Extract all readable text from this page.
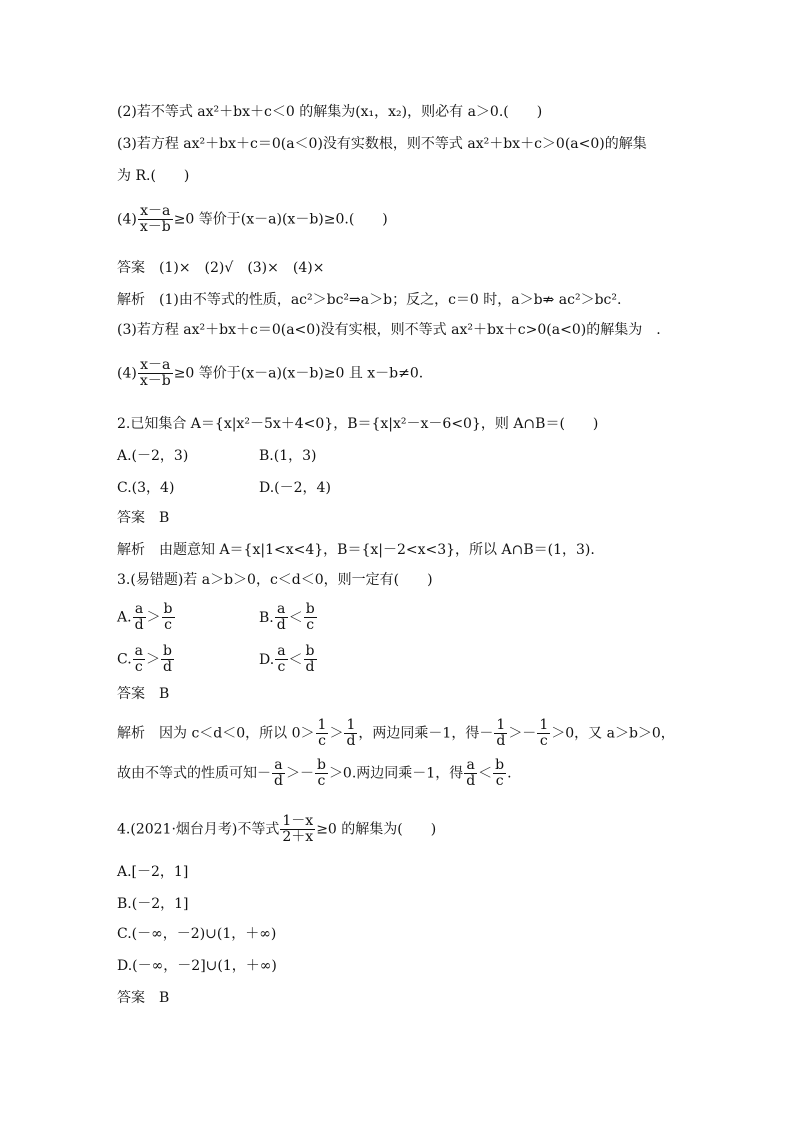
(2)若不等式 ax²＋bx＋c＜0 的解集为(x₁，x₂)，则必有 a＞0.(　　)
(3)若方程 ax²＋bx＋c＝0(a＜0)没有实数根，则不等式 ax²＋bx＋c＞0(a<0)的解集
为 R.(　　)
$(4) \frac{x-a}{x-b} \ge 0$ 等价于(x－a)(x－b)≥0.(　　)
答案 (1)×　(2)√　(3)×　(4)×
解析 (1)由不等式的性质，ac²＞bc²⇒a＞b；反之，c＝0 时，a＞b⇏ ac²＞bc².
(3)若方程 ax²＋bx＋c＝0(a<0)没有实根，则不等式 ax²＋bx＋c>0(a<0)的解集为　.
$(4) \frac{x-a}{x-b} \ge 0$ 等价于(x－a)(x－b)≥0 且 x－b≠0.
2.已知集合 A＝{x|x²－5x＋4<0}，B＝{x|x²－x－6<0}，则 A∩B＝(　　)
A.(－2，3)	B.(1，3)
C.(3，4)	D.(－2，4)
答案 B
解析 由题意知 A＝{x|1<x<4}，B＝{x|－2<x<3}，所以 A∩B＝(1，3).
3.(易错题)若 a＞b＞0，c＜d＜0，则一定有(　　)
A. $\frac{a}{d} > \frac{b}{c}$	B. $\frac{a}{d} < \frac{b}{c}$
C. $\frac{a}{c} > \frac{b}{d}$	D. $\frac{a}{c} < \frac{b}{d}$
答案 B
解析 因为 c＜d＜0，所以 $0> \frac{1}{c} > \frac{1}{d}$ ，两边同乘－1，得－ $\frac{1}{d} >- \frac{1}{c} >0$，又 a＞b＞0，
故由不等式的性质可知－ $\frac{a}{d} >- \frac{b}{c} >0$.两边同乘－1，得 $\frac{a}{d} < \frac{b}{c}$ .
4.(2021·烟台月考)不等式 $\frac{1-x}{2+x} \ge 0$ 的解集为(　　)
A.[－2，1]
B.(－2，1]
C.(－∞，－2)∪(1，＋∞)
D.(－∞，－2]∪(1，＋∞)
答案 B
